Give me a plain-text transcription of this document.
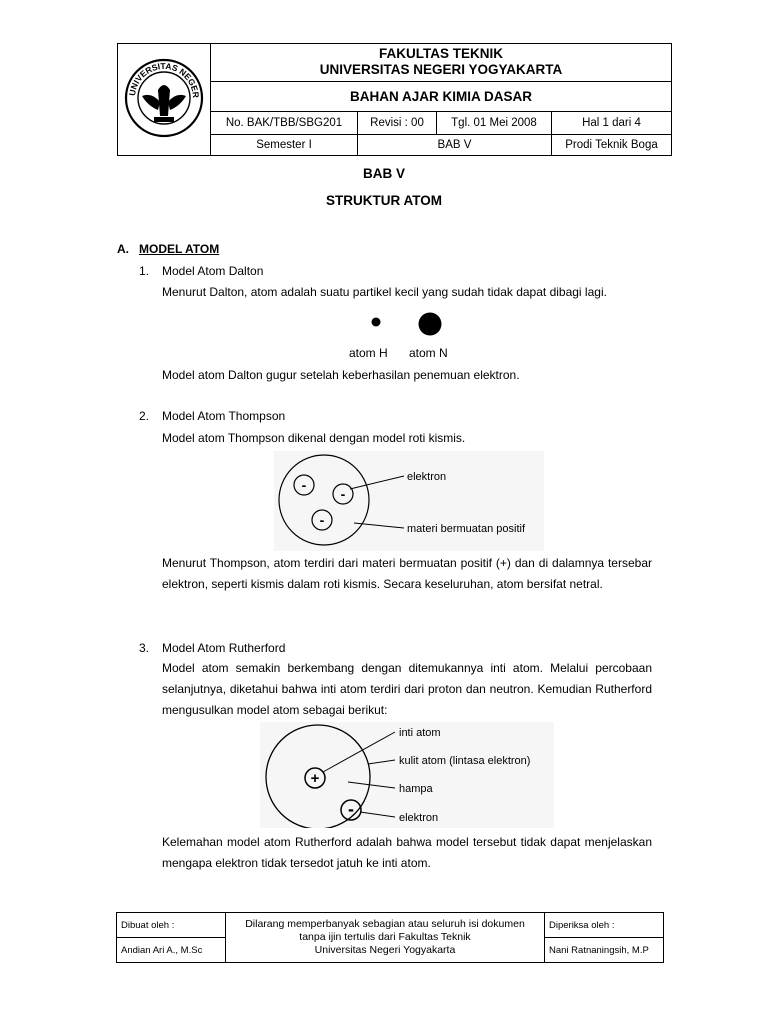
UNIVERSITAS NEGER	FAKULTAS TEKNIK
UNIVERSITAS NEGERI YOGYAKARTA			

	BAHAN AJAR KIMIA DASAR			
	No. BAK/TBB/SBG201	Revisi : 00	Tgl. 01 Mei 2008	Hal 1 dari 4
	Semester I	BAB V		Prodi Teknik Boga
BAB V
STRUKTUR ATOM
A. MODEL ATOM
1. Model Atom Dalton
Menurut Dalton, atom adalah suatu partikel kecil yang sudah tidak dapat dibagi lagi.
atom H atom N
Model atom Dalton gugur setelah keberhasilan penemuan elektron.
2. Model Atom Thompson
Model atom Thompson dikenal dengan model roti kismis.
-
-
-
elektron
materi bermuatan positif

Menurut Thompson, atom terdiri dari materi bermuatan positif (+) dan di dalamnya tersebar elektron, seperti kismis dalam roti kismis. Secara keseluruhan, atom bersifat netral.

3. Model Atom Rutherford

Model atom semakin berkembang dengan ditemukannya inti atom. Melalui percobaan selanjutnya, diketahui bahwa inti atom terdiri dari proton dan neutron. Kemudian Rutherford mengusulkan model atom sebagai berikut:

+
-
inti atom
kulit atom (lintasa elektron)
hampa
elektron

Kelemahan model atom Rutherford adalah bahwa model tersebut tidak dapat menjelaskan mengapa elektron tidak tersedot jatuh ke inti atom.

Dibuat oleh :	Dilarang memperbanyak sebagian atau seluruh isi dokumen
tanpa ijin tertulis dari Fakultas Teknik
Universitas Negeri Yogyakarta	Diperiksa oleh :
Andian Ari A., M.Sc		Nani Ratnaningsih, M.P
